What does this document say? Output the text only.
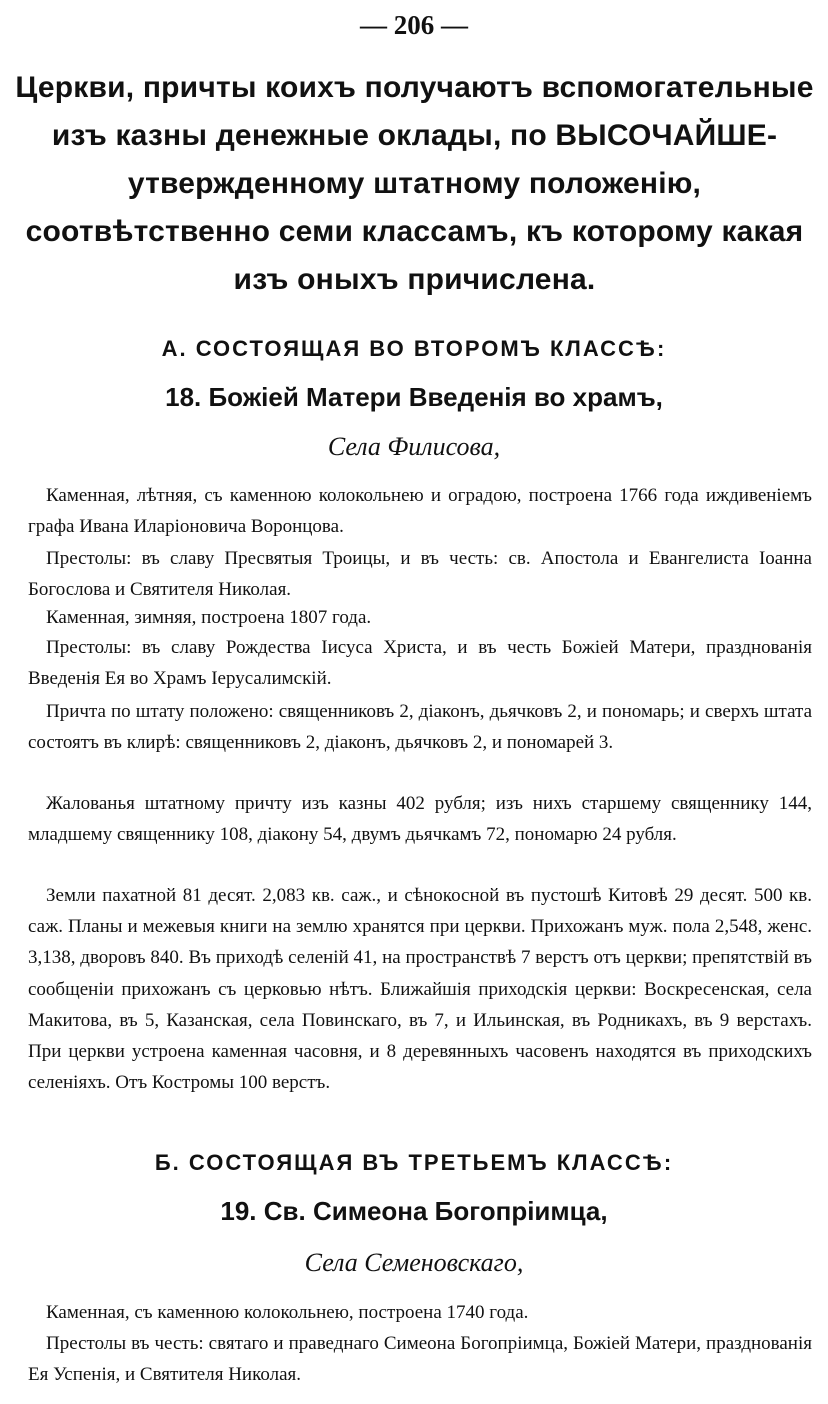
— 206 —
Церкви, причты коихъ получаютъ вспомогательные изъ казны денежные оклады, по ВЫСОЧАЙШЕ-утвержденному штатному положенію, соотвѣтственно семи классамъ, къ которому какая изъ оныхъ причислена.
А. СОСТОЯЩАЯ ВО ВТОРОМЪ КЛАССѢ:
18. Божіей Матери Введенія во храмъ,
Села Филисова,

Каменная, лѣтняя, съ каменною колокольнею и оградою, построена 1766 года иждивеніемъ графа Ивана Иларіоновича Воронцова.

Престолы: въ славу Пресвятыя Троицы, и въ честь: св. Апостола и Евангелиста Іоанна Богослова и Святителя Николая.

Каменная, зимняя, построена 1807 года.

Престолы: въ славу Рождества Іисуса Христа, и въ честь Божіей Матери, празднованія Введенія Ея во Храмъ Іерусалимскій.

Причта по штату положено: священниковъ 2, діаконъ, дьячковъ 2, и пономарь; и сверхъ штата состоятъ въ клирѣ: священниковъ 2, діаконъ, дьячковъ 2, и пономарей 3.

Жалованья штатному причту изъ казны 402 рубля; изъ нихъ старшему священнику 144, младшему священнику 108, діакону 54, двумъ дьячкамъ 72, пономарю 24 рубля.

Земли пахатной 81 десят. 2,083 кв. саж., и сѣнокосной въ пустошѣ Китовѣ 29 десят. 500 кв. саж. Планы и межевыя книги на землю хранятся при церкви. Прихожанъ муж. пола 2,548, женс. 3,138, дворовъ 840. Въ приходѣ селеній 41, на пространствѣ 7 верстъ отъ церкви; препятствій въ сообщеніи прихожанъ съ церковью нѣтъ. Ближайшія приходскія церкви: Воскресенская, села Макитова, въ 5, Казанская, села Повинскаго, въ 7, и Ильинская, въ Родникахъ, въ 9 верстахъ. При церкви устроена каменная часовня, и 8 деревянныхъ часовенъ находятся въ приходскихъ селеніяхъ. Отъ Костромы 100 верстъ.

Б. СОСТОЯЩАЯ ВЪ ТРЕТЬЕМЪ КЛАССѢ:
19. Св. Симеона Богопріимца,
Села Семеновскаго,

Каменная, съ каменною колокольнею, построена 1740 года.

Престолы въ честь: святаго и праведнаго Симеона Богопріимца, Божіей Матери, празднованія Ея Успенія, и Святителя Николая.
